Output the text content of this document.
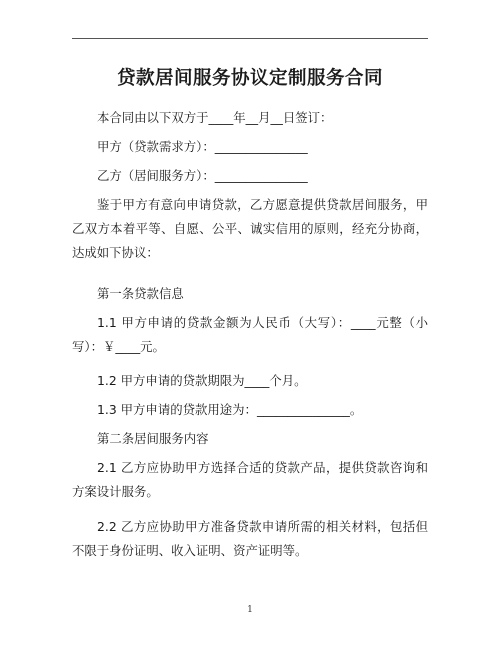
贷款居间服务协议定制服务合同

本合同由以下双方于____年__月__日签订：

甲方（贷款需求方）：_______________

乙方（居间服务方）：_______________

鉴于甲方有意向申请贷款，乙方愿意提供贷款居间服务，甲乙双方本着平等、自愿、公平、诚实信用的原则，经充分协商，达成如下协议：

第一条贷款信息

1.1 甲方申请的贷款金额为人民币（大写）：____元整（小写）：￥____元。

1.2 甲方申请的贷款期限为____个月。

1.3 甲方申请的贷款用途为：_______________。

第二条居间服务内容

2.1 乙方应协助甲方选择合适的贷款产品，提供贷款咨询和方案设计服务。

2.2 乙方应协助甲方准备贷款申请所需的相关材料，包括但不限于身份证明、收入证明、资产证明等。

1
